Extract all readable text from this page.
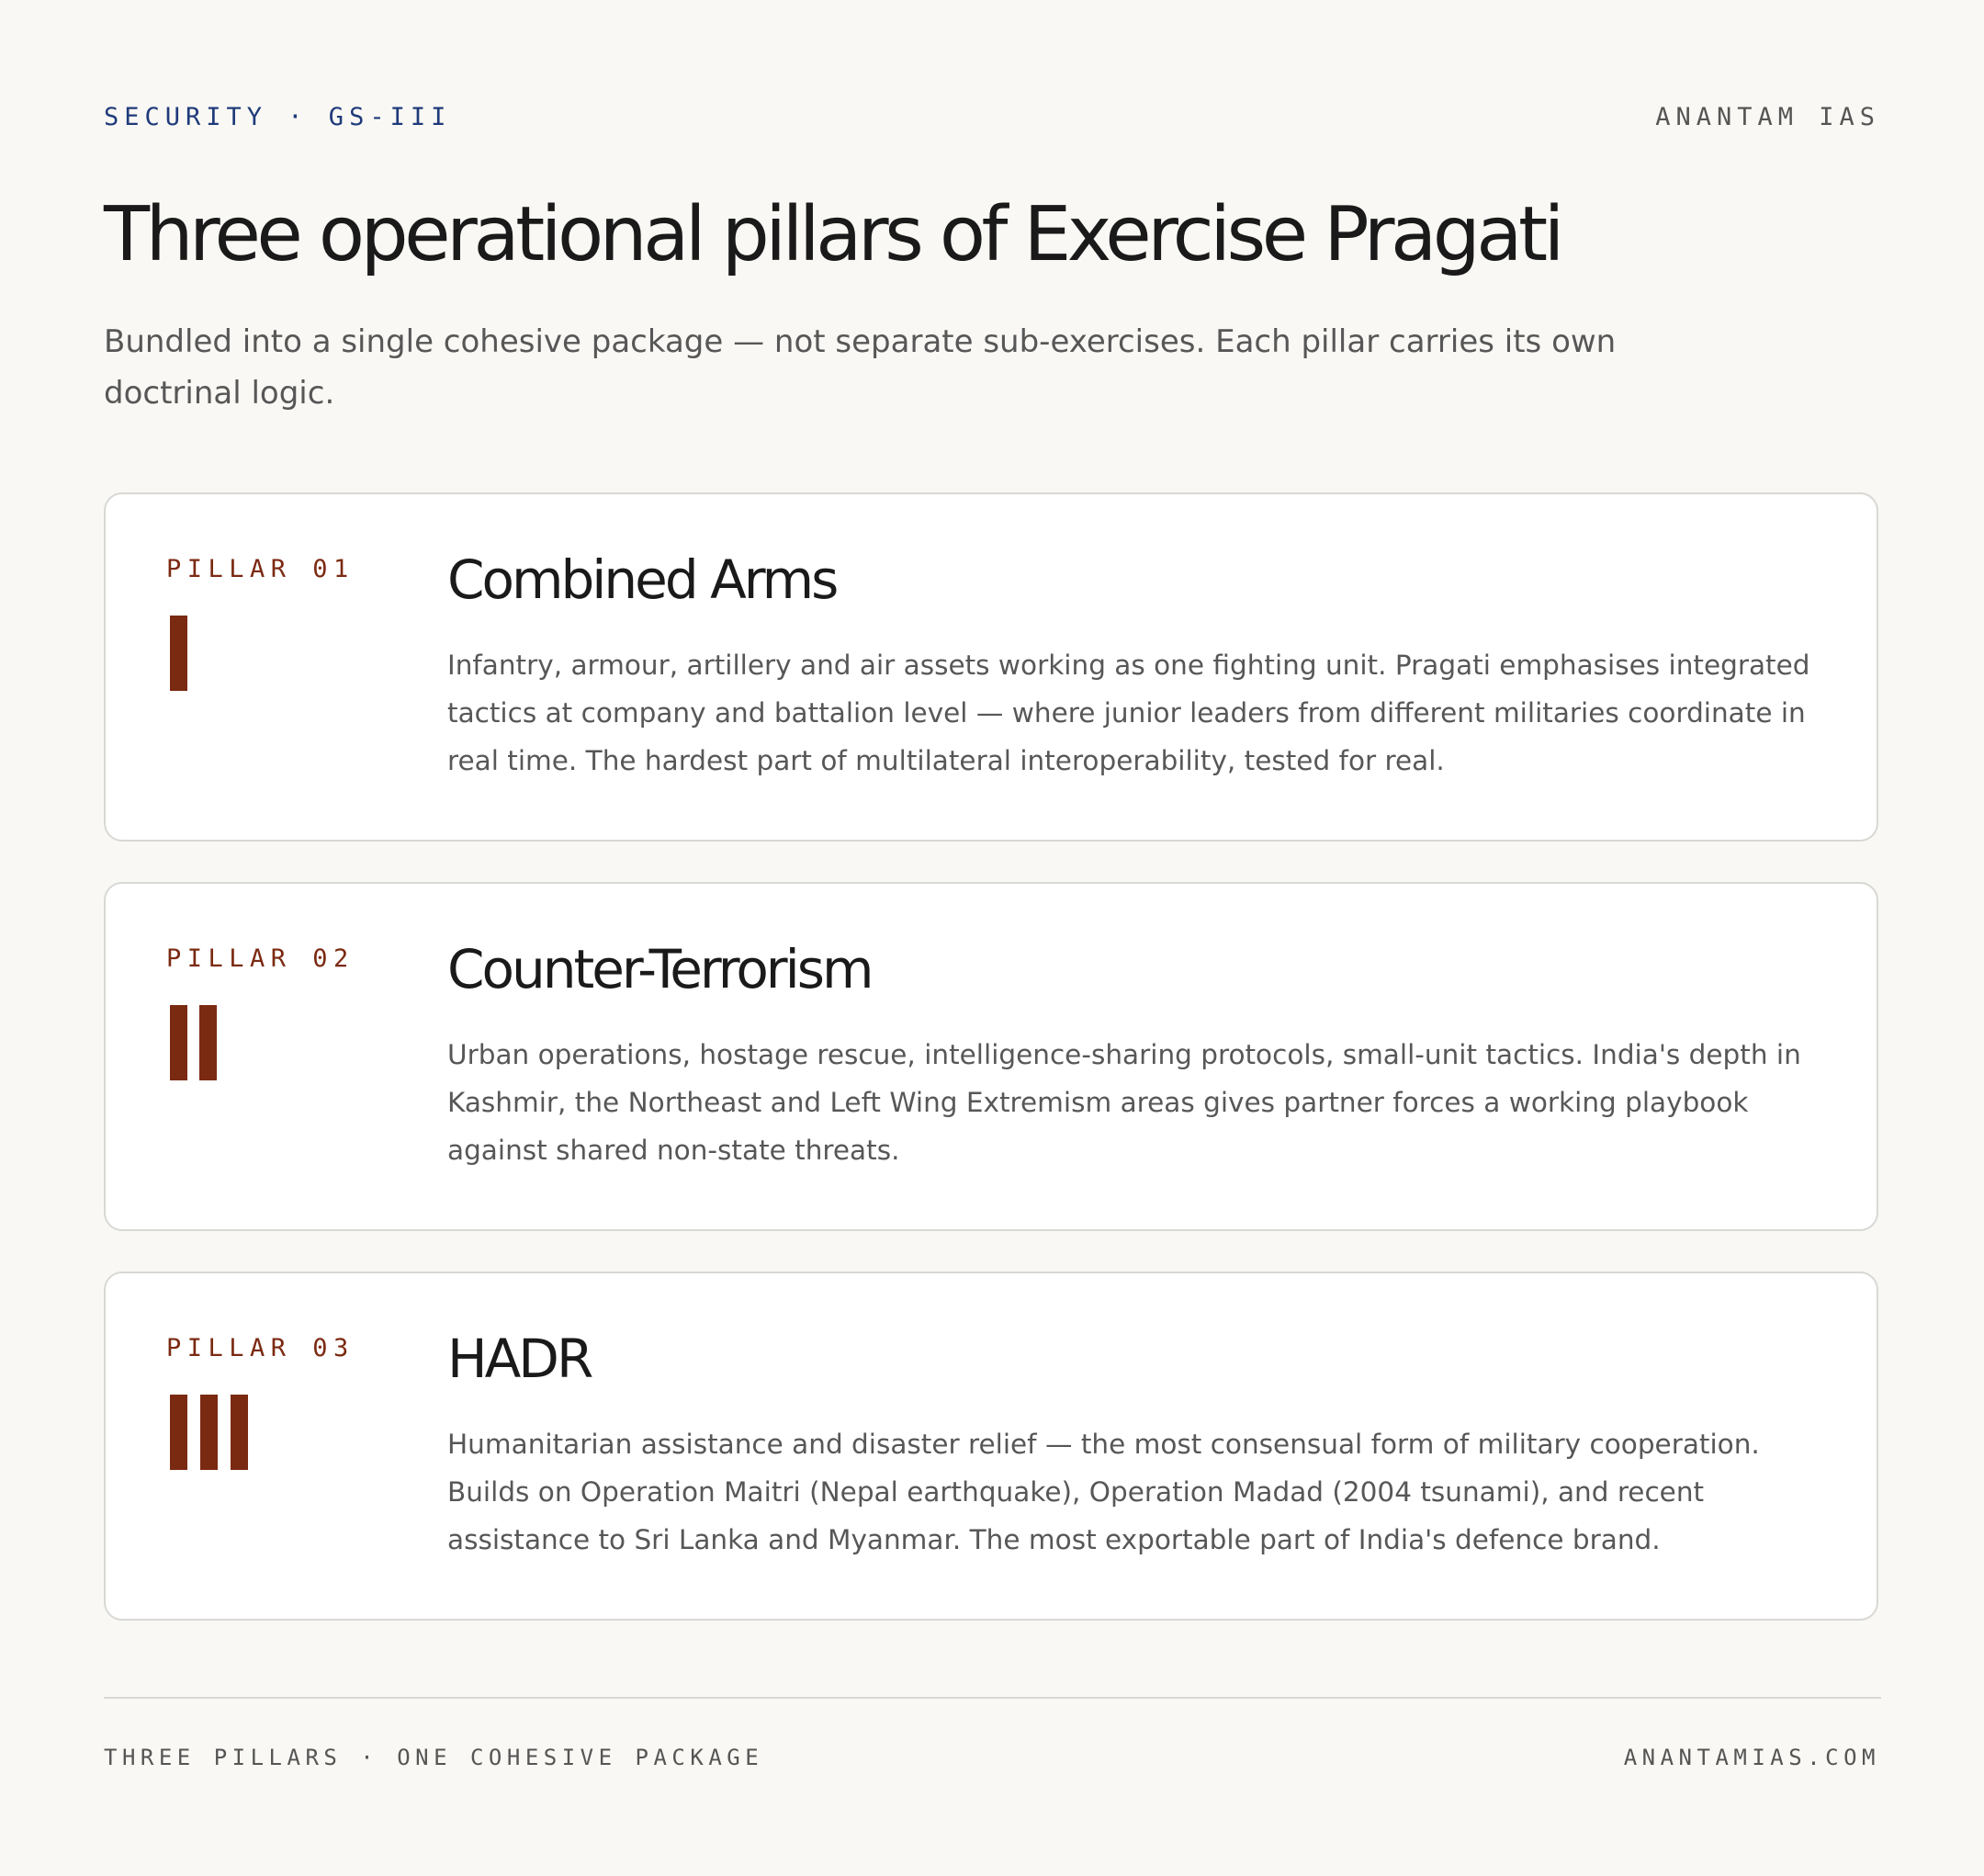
SECURITY · GS-III	ANANTAM IAS
Three operational pillars of Exercise Pragati

Bundled into a single cohesive package — not separate sub-exercises. Each pillar carries its own doctrinal logic.

PILLAR 01 Combined Arms

Infantry, armour, artillery and air assets working as one fighting unit. Pragati emphasises integrated tactics at company and battalion level — where junior leaders from different militaries coordinate in real time. The hardest part of multilateral interoperability, tested for real.

PILLAR 02 Counter-Terrorism

Urban operations, hostage rescue, intelligence-sharing protocols, small-unit tactics. India's depth in Kashmir, the Northeast and Left Wing Extremism areas gives partner forces a working playbook against shared non-state threats.

PILLAR 03 HADR

Humanitarian assistance and disaster relief — the most consensual form of military cooperation. Builds on Operation Maitri (Nepal earthquake), Operation Madad (2004 tsunami), and recent assistance to Sri Lanka and Myanmar. The most exportable part of India's defence brand.

THREE PILLARS · ONE COHESIVE PACKAGE	ANANTAMIAS.COM
